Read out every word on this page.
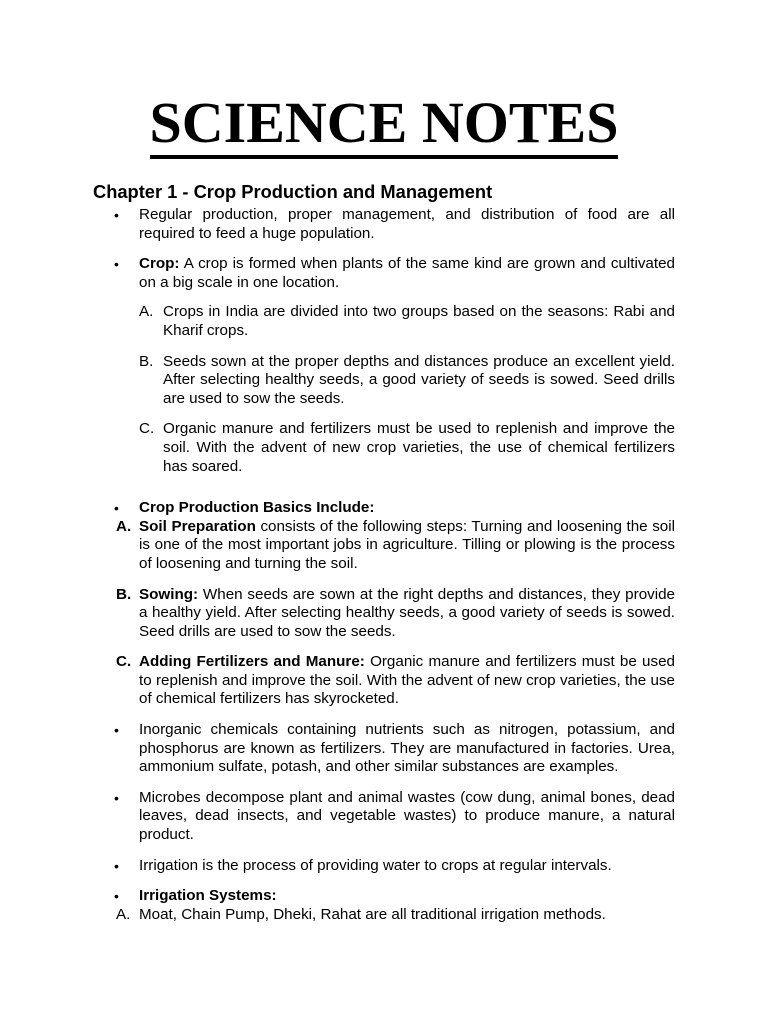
SCIENCE NOTES
Chapter 1 - Crop Production and Management
• Regular production, proper management, and distribution of food are all required to feed a huge population.
• Crop: A crop is formed when plants of the same kind are grown and cultivated on a big scale in one location.
A. Crops in India are divided into two groups based on the seasons: Rabi and Kharif crops.
B. Seeds sown at the proper depths and distances produce an excellent yield. After selecting healthy seeds, a good variety of seeds is sowed. Seed drills are used to sow the seeds.
C. Organic manure and fertilizers must be used to replenish and improve the soil. With the advent of new crop varieties, the use of chemical fertilizers has soared.
• Crop Production Basics Include:
A. Soil Preparation consists of the following steps: Turning and loosening the soil is one of the most important jobs in agriculture. Tilling or plowing is the process of loosening and turning the soil.
B. Sowing: When seeds are sown at the right depths and distances, they provide a healthy yield. After selecting healthy seeds, a good variety of seeds is sowed. Seed drills are used to sow the seeds.
C. Adding Fertilizers and Manure: Organic manure and fertilizers must be used to replenish and improve the soil. With the advent of new crop varieties, the use of chemical fertilizers has skyrocketed.
• Inorganic chemicals containing nutrients such as nitrogen, potassium, and phosphorus are known as fertilizers. They are manufactured in factories. Urea, ammonium sulfate, potash, and other similar substances are examples.
• Microbes decompose plant and animal wastes (cow dung, animal bones, dead leaves, dead insects, and vegetable wastes) to produce manure, a natural product.
• Irrigation is the process of providing water to crops at regular intervals.
• Irrigation Systems:
A. Moat, Chain Pump, Dheki, Rahat are all traditional irrigation methods.
